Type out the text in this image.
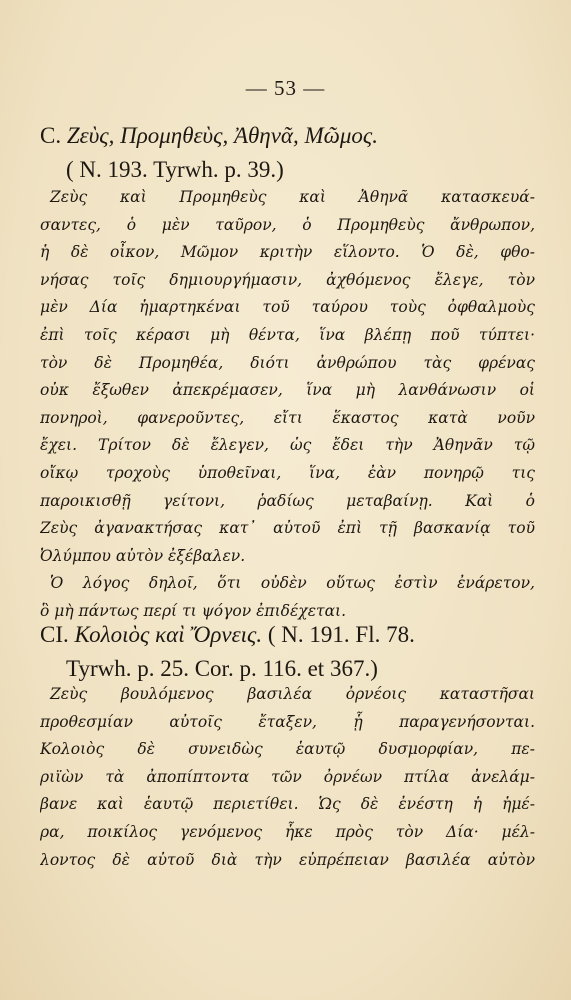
— 53 —
C. Ζεὺς, Προμηθεὺς, Ἀθηνᾶ, Μῶμος.
( N. 193. Tyrwh. p. 39.)
Ζεὺς καὶ Προμηθεὺς καὶ Ἀθηνᾶ κατασκευά-
σαντες, ὁ μὲν ταῦρον, ὁ Προμηθεὺς ἄνθρωπον,
ἡ δὲ οἶκον, Μῶμον κριτὴν εἵλοντο. Ὁ δὲ, φθο-
νήσας τοῖς δημιουργήμασιν, ἀχθόμενος ἔλεγε, τὸν
μὲν Δία ἡμαρτηκέναι τοῦ ταύρου τοὺς ὀφθαλμοὺς
ἐπὶ τοῖς κέρασι μὴ θέντα, ἵνα βλέπῃ ποῦ τύπτει·
τὸν δὲ Προμηθέα, διότι ἀνθρώπου τὰς φρένας
οὐκ ἔξωθεν ἀπεκρέμασεν, ἵνα μὴ λανθάνωσιν οἱ
πονηροὶ, φανεροῦντες, εἴτι ἕκαστος κατὰ νοῦν
ἔχει. Τρίτον δὲ ἔλεγεν, ὡς ἔδει τὴν Ἀθηνᾶν τῷ
οἴκῳ τροχοὺς ὑποθεῖναι, ἵνα, ἐὰν πονηρῷ τις
παροικισθῇ γείτονι, ῥαδίως μεταβαίνῃ. Καὶ ὁ
Ζεὺς ἀγανακτήσας κατ᾽ αὐτοῦ ἐπὶ τῇ βασκανίᾳ τοῦ
Ὀλύμπου αὐτὸν ἐξέβαλεν.
Ὁ λόγος δηλοῖ, ὅτι οὐδὲν οὕτως ἐστὶν ἐνάρετον,
ὃ μὴ πάντως περί τι ψόγον ἐπιδέχεται.
CI. Κολοιὸς καὶ Ὄρνεις. ( N. 191. Fl. 78.
Tyrwh. p. 25. Cor. p. 116. et 367.)
Ζεὺς βουλόμενος βασιλέα ὀρνέοις καταστῆσαι
προθεσμίαν αὐτοῖς ἔταξεν, ᾗ παραγενήσονται.
Κολοιὸς δὲ συνειδὼς ἑαυτῷ δυσμορφίαν, πε-
ριϊὼν τὰ ἀποπίπτοντα τῶν ὀρνέων πτίλα ἀνελάμ-
βανε καὶ ἑαυτῷ περιετίθει. Ὡς δὲ ἐνέστη ἡ ἡμέ-
ρα, ποικίλος γενόμενος ἧκε πρὸς τὸν Δία· μέλ-
λοντος δὲ αὐτοῦ διὰ τὴν εὐπρέπειαν βασιλέα αὐτὸν
